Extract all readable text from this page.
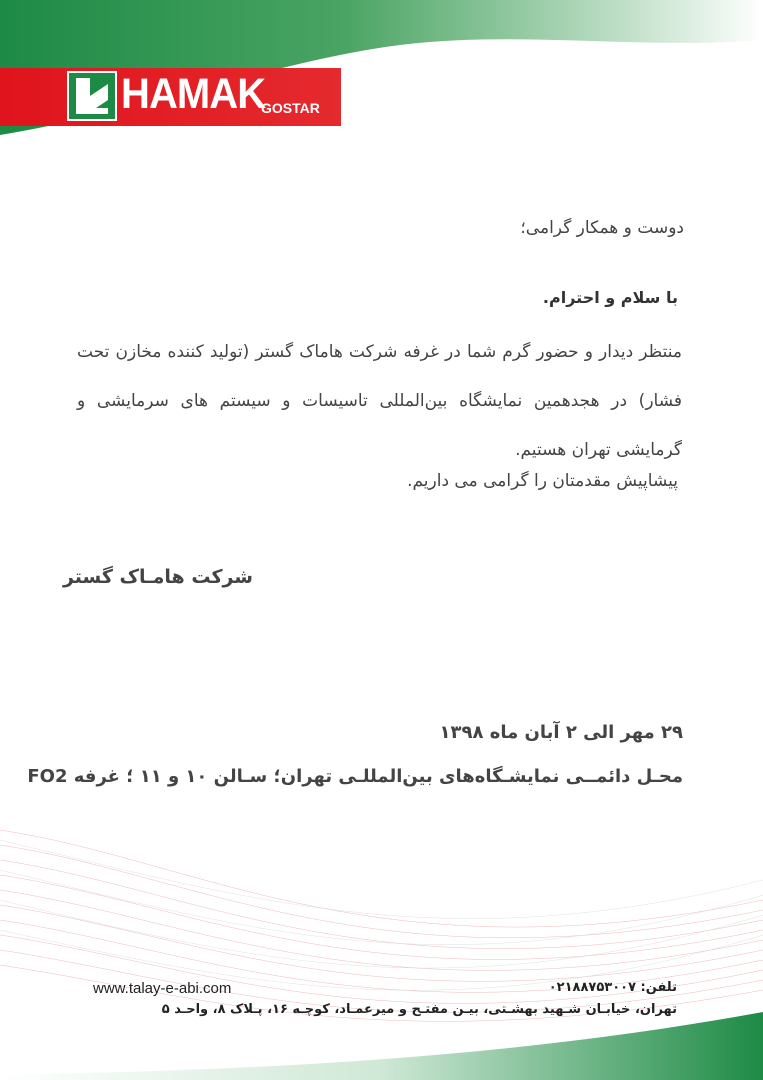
HAMAK
GOSTAR
دوست و همکار گرامی؛
با سلام و احترام.
منتظر دیدار و حضور گرم شما در غرفه شرکت هاماک گستر (تولید کننده مخازن تحت فشار) در هجدهمین نمایشگاه بین‌المللی تاسیسات و سیستم های سرمایشی و گرمایشی تهران هستیم.
پیشاپیش مقدمتان را گرامی می داریم.
شرکت هامـاک گستر
۲۹ مهر الی ۲ آبان ماه ۱۳۹۸
محـل دائمــی نمایشـگاه‌های بین‌المللـی تهران؛ سـالن ۱۰ و ۱۱ ؛ غرفه FO2
www.talay-e-abi.com	تلفن: ۰۲۱۸۸۷۵۳۰۰۷
تهران، خیابـان شـهید بهشـتی، بیـن مفتـح و میرعمـاد، کوچـه ۱۶، پـلاک ۸، واحـد ۵
